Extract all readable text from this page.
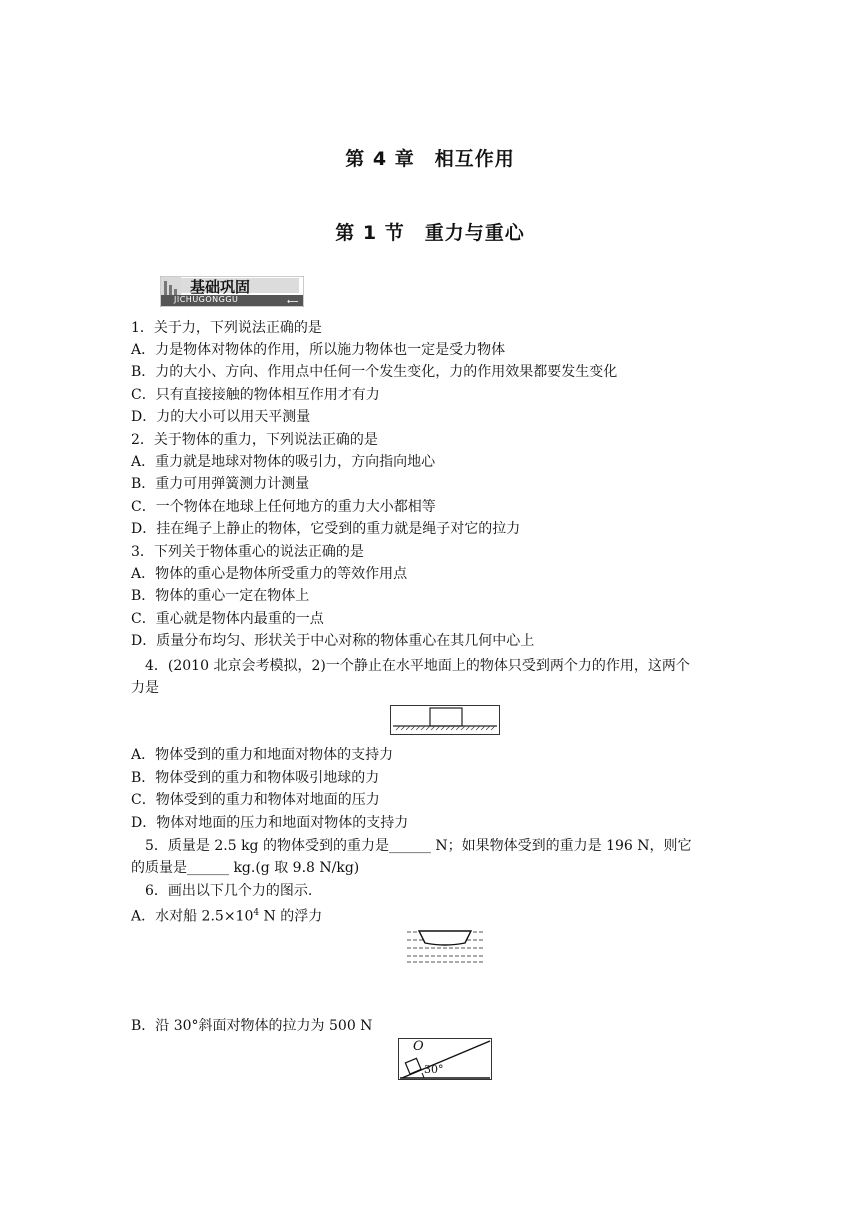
第 4 章　相互作用
第 1 节　重力与重心
⟵
基础巩固
JICHUGONGGU
1．关于力，下列说法正确的是
A．力是物体对物体的作用，所以施力物体也一定是受力物体
B．力的大小、方向、作用点中任何一个发生变化，力的作用效果都要发生变化
C．只有直接接触的物体相互作用才有力
D．力的大小可以用天平测量
2．关于物体的重力，下列说法正确的是
A．重力就是地球对物体的吸引力，方向指向地心
B．重力可用弹簧测力计测量
C．一个物体在地球上任何地方的重力大小都相等
D．挂在绳子上静止的物体，它受到的重力就是绳子对它的拉力
3．下列关于物体重心的说法正确的是
A．物体的重心是物体所受重力的等效作用点
B．物体的重心一定在物体上
C．重心就是物体内最重的一点
D．质量分布均匀、形状关于中心对称的物体重心在其几何中心上
4．(2010 北京会考模拟，2)一个静止在水平地面上的物体只受到两个力的作用，这两个
力是
A．物体受到的重力和地面对物体的支持力
B．物体受到的重力和物体吸引地球的力
C．物体受到的重力和物体对地面的压力
D．物体对地面的压力和地面对物体的支持力
5．质量是 2.5 kg 的物体受到的重力是______ N；如果物体受到的重力是 196 N，则它
的质量是______ kg.(g 取 9.8 N/kg)
6．画出以下几个力的图示.
A．水对船 $2.5\times 10^4$ N 的浮力
B．沿 30°斜面对物体的拉力为 500 N
O
30°
